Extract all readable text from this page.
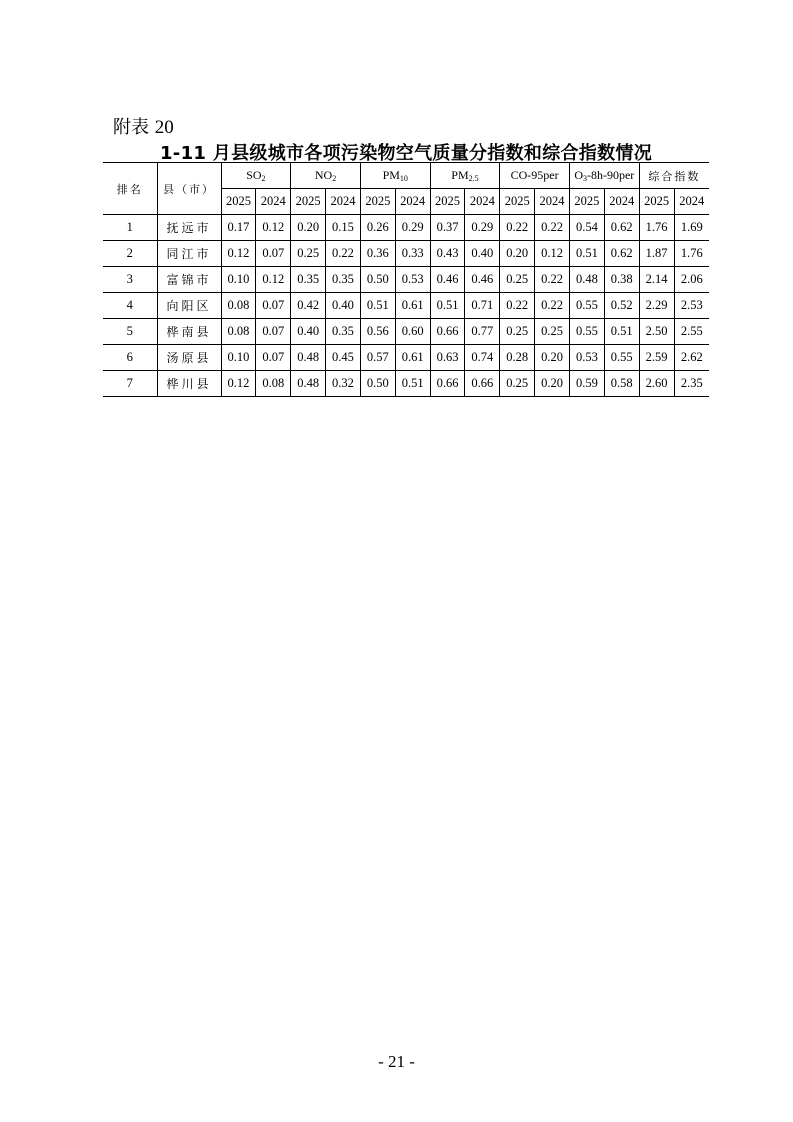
附表 20
1-11 月县级城市各项污染物空气质量分指数和综合指数情况
排名	县（市）	$SO_2$		$NO_2$		$PM_{10}$		$PM_{2.5}$		CO-95per		$O_3-8h-90per$		综合指数	
		2025	2024	2025	2024	2025	2024	2025	2024	2025	2024	2025	2024	2025	2024
1	抚远市	0.17	0.12	0.20	0.15	0.26	0.29	0.37	0.29	0.22	0.22	0.54	0.62	1.76	1.69
2	同江市	0.12	0.07	0.25	0.22	0.36	0.33	0.43	0.40	0.20	0.12	0.51	0.62	1.87	1.76
3	富锦市	0.10	0.12	0.35	0.35	0.50	0.53	0.46	0.46	0.25	0.22	0.48	0.38	2.14	2.06
4	向阳区	0.08	0.07	0.42	0.40	0.51	0.61	0.51	0.71	0.22	0.22	0.55	0.52	2.29	2.53
5	桦南县	0.08	0.07	0.40	0.35	0.56	0.60	0.66	0.77	0.25	0.25	0.55	0.51	2.50	2.55
6	汤原县	0.10	0.07	0.48	0.45	0.57	0.61	0.63	0.74	0.28	0.20	0.53	0.55	2.59	2.62
7	桦川县	0.12	0.08	0.48	0.32	0.50	0.51	0.66	0.66	0.25	0.20	0.59	0.58	2.60	2.35
- 21 -
